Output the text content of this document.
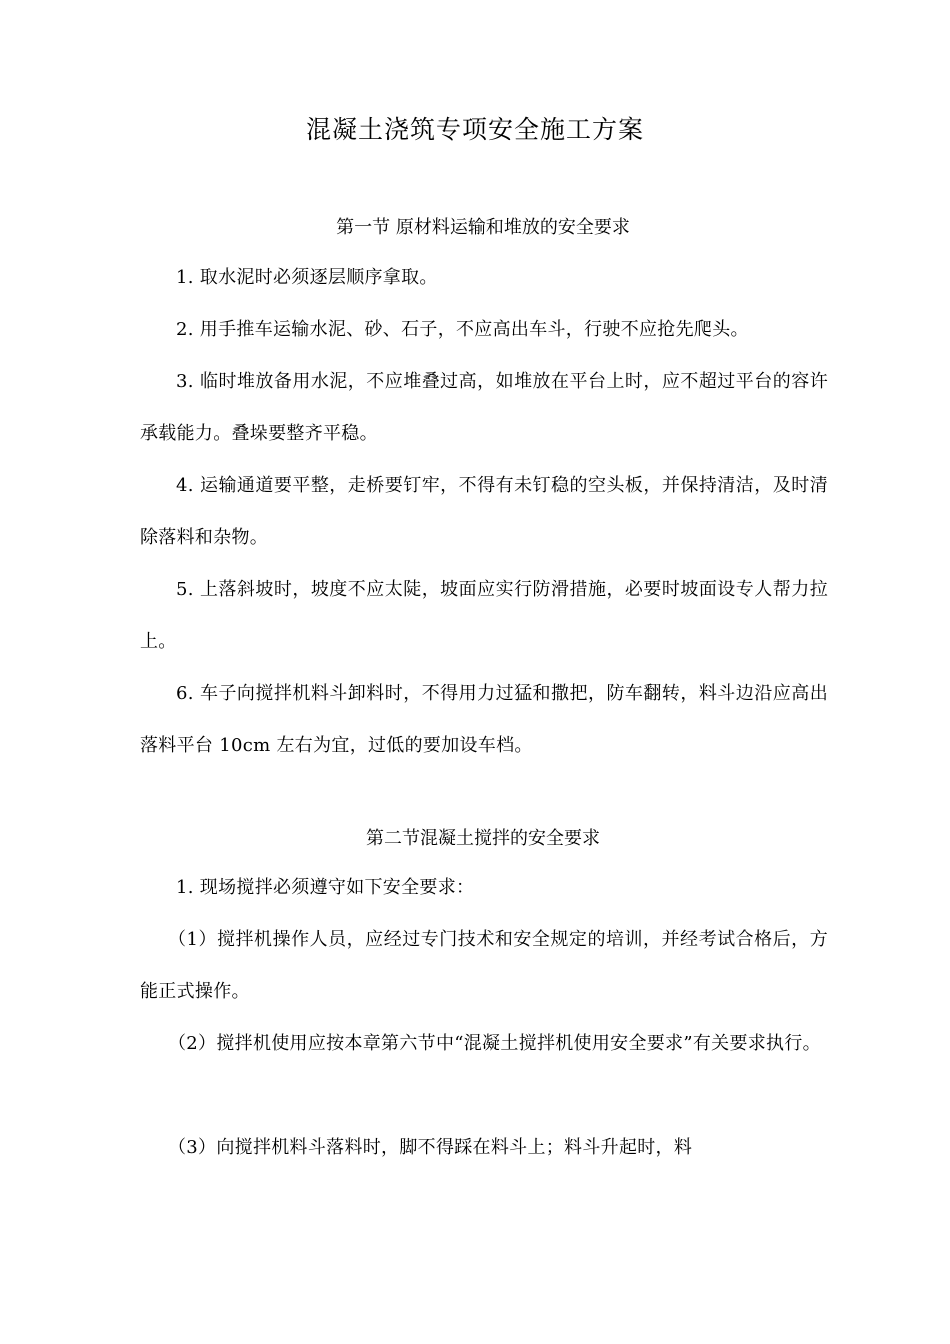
混凝土浇筑专项安全施工方案
第一节 原材料运输和堆放的安全要求
1. 取水泥时必须逐层顺序拿取。
2. 用手推车运输水泥、砂、石子，不应高出车斗，行驶不应抢先爬头。
3. 临时堆放备用水泥，不应堆叠过高，如堆放在平台上时，应不超过平台的容许承载能力。叠垛要整齐平稳。
4. 运输通道要平整，走桥要钉牢，不得有未钉稳的空头板，并保持清洁，及时清除落料和杂物。
5. 上落斜坡时，坡度不应太陡，坡面应实行防滑措施，必要时坡面设专人帮力拉上。
6. 车子向搅拌机料斗卸料时，不得用力过猛和撒把，防车翻转，料斗边沿应高出落料平台 10cm 左右为宜，过低的要加设车档。
第二节混凝土搅拌的安全要求
1. 现场搅拌必须遵守如下安全要求：
（1）搅拌机操作人员，应经过专门技术和安全规定的培训，并经考试合格后，方能正式操作。
（2）搅拌机使用应按本章第六节中“混凝土搅拌机使用安全要求”有关要求执行。
（3）向搅拌机料斗落料时，脚不得踩在料斗上；料斗升起时，料
